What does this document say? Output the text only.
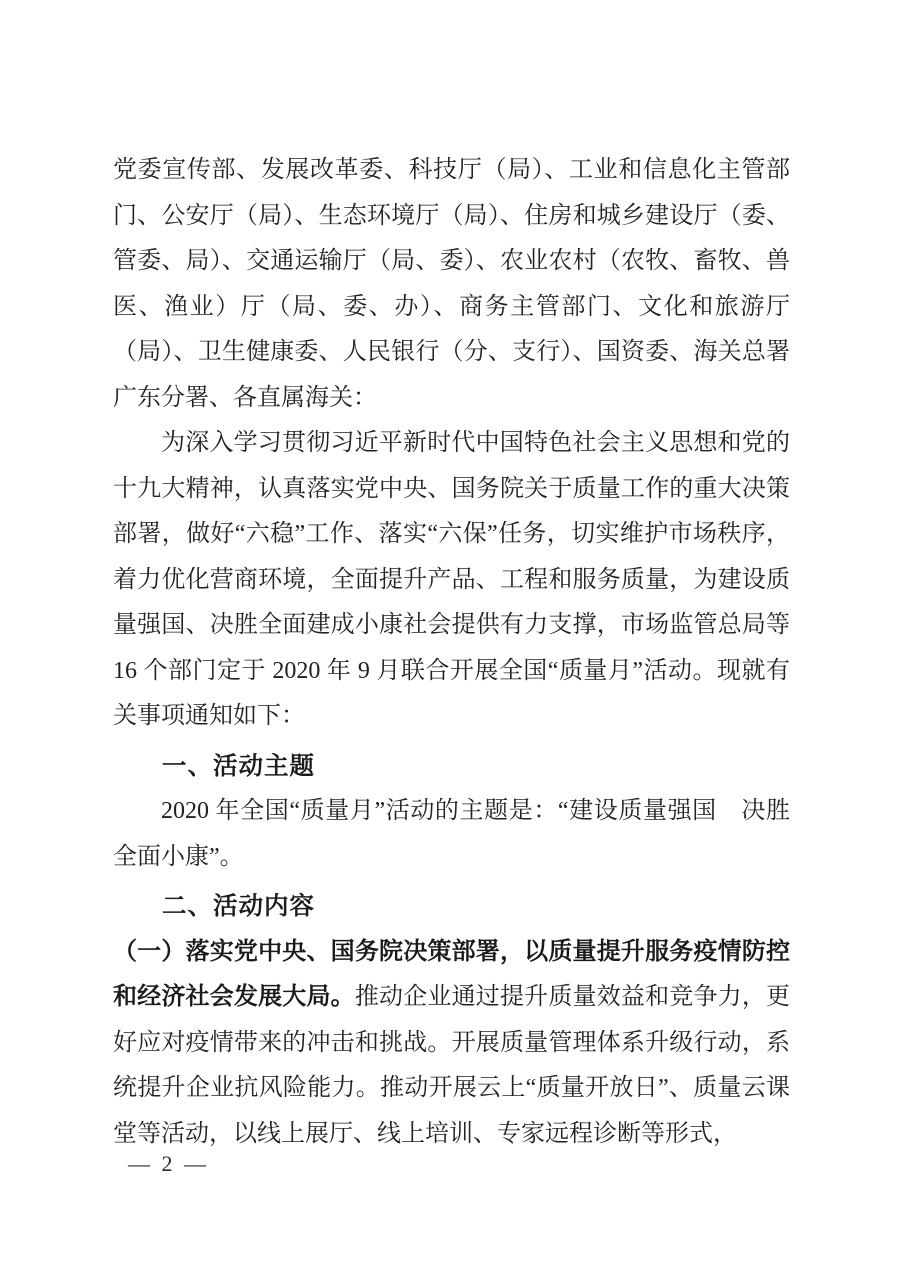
党委宣传部、发展改革委、科技厅（局）、工业和信息化主管部门、公安厅（局）、生态环境厅（局）、住房和城乡建设厅（委、管委、局）、交通运输厅（局、委）、农业农村（农牧、畜牧、兽医、渔业）厅（局、委、办）、商务主管部门、文化和旅游厅（局）、卫生健康委、人民银行（分、支行）、国资委、海关总署广东分署、各直属海关：

为深入学习贯彻习近平新时代中国特色社会主义思想和党的十九大精神，认真落实党中央、国务院关于质量工作的重大决策部署，做好“六稳”工作、落实“六保”任务，切实维护市场秩序，着力优化营商环境，全面提升产品、工程和服务质量，为建设质量强国、决胜全面建成小康社会提供有力支撑，市场监管总局等 16 个部门定于 2020 年 9 月联合开展全国“质量月”活动。现就有关事项通知如下：

一、活动主题

2020 年全国“质量月”活动的主题是：“建设质量强国　决胜全面小康”。

二、活动内容

（一）落实党中央、国务院决策部署，以质量提升服务疫情防控和经济社会发展大局。推动企业通过提升质量效益和竞争力，更好应对疫情带来的冲击和挑战。开展质量管理体系升级行动，系统提升企业抗风险能力。推动开展云上“质量开放日”、质量云课堂等活动，以线上展厅、线上培训、专家远程诊断等形式，

— 2 —
